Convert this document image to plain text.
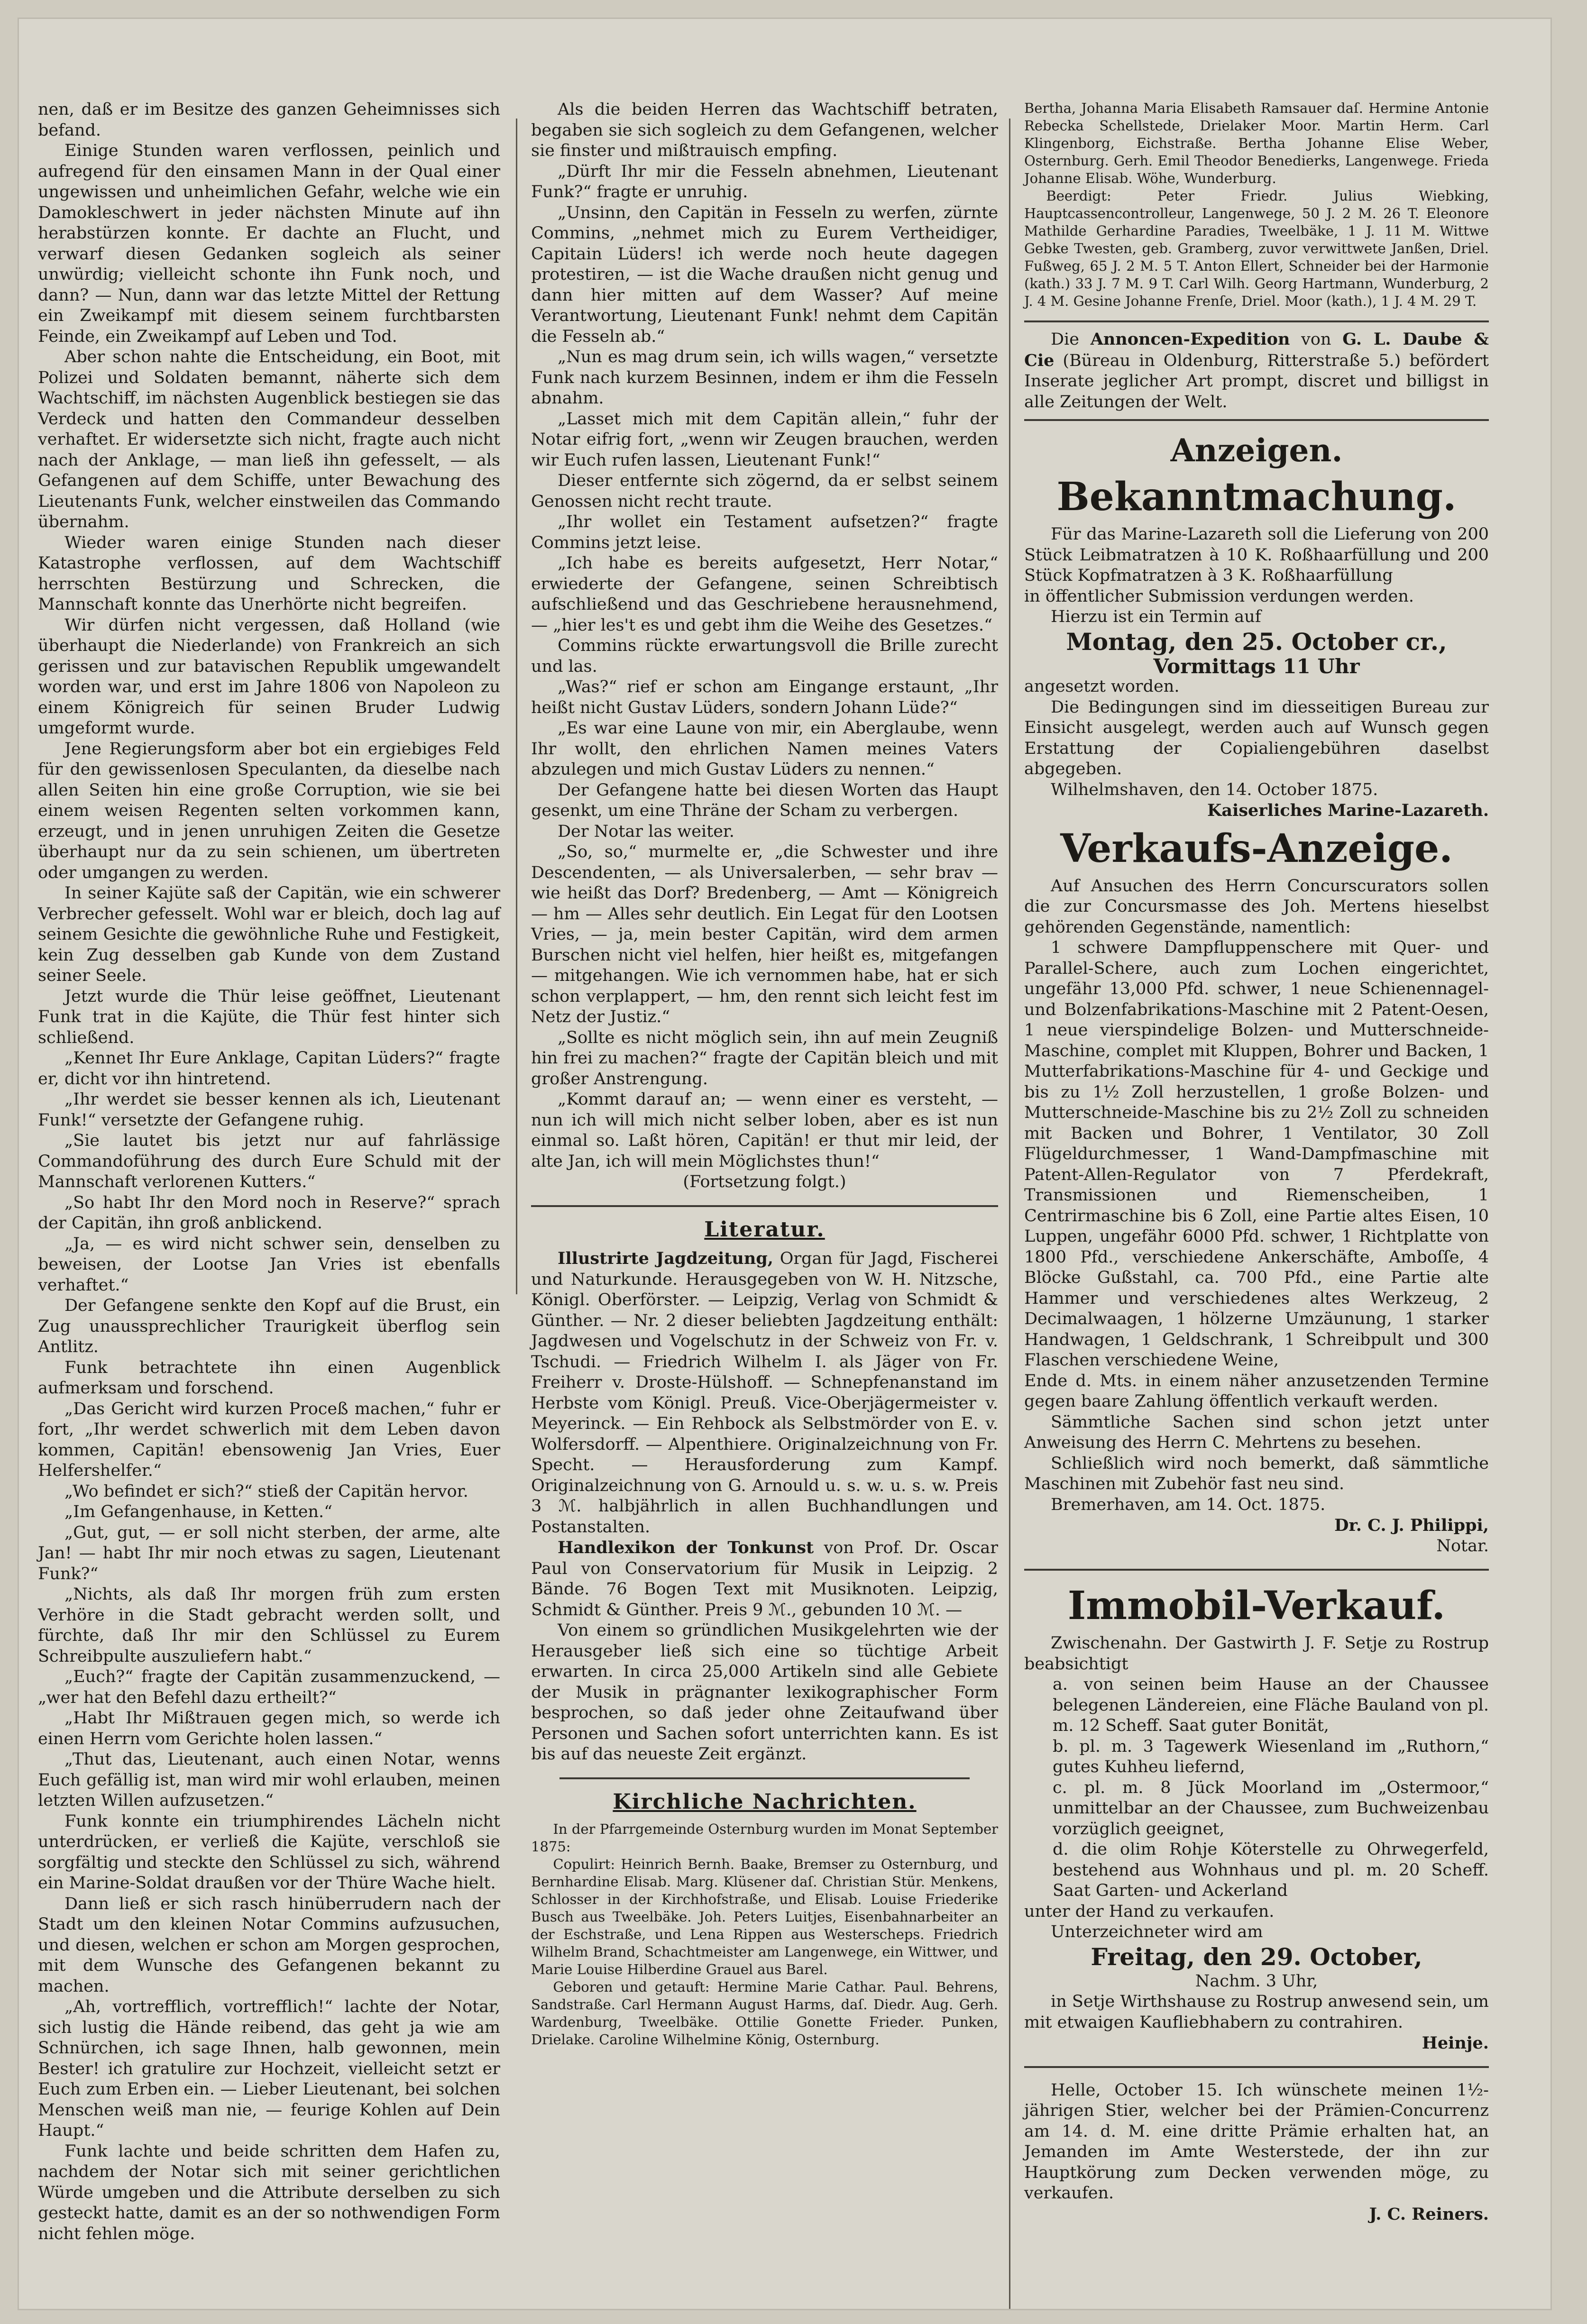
nen, daß er im Besitze des ganzen Geheimnisses sich befand.

Einige Stunden waren verflossen, peinlich und aufregend für den einsamen Mann in der Qual einer ungewissen und unheimlichen Gefahr, welche wie ein Damokleschwert in jeder nächsten Minute auf ihn herabstürzen konnte. Er dachte an Flucht, und verwarf diesen Gedanken sogleich als seiner unwürdig; vielleicht schonte ihn Funk noch, und dann? — Nun, dann war das letzte Mittel der Rettung ein Zweikampf mit diesem seinem furchtbarsten Feinde, ein Zweikampf auf Leben und Tod.

Aber schon nahte die Entscheidung, ein Boot, mit Polizei und Soldaten bemannt, näherte sich dem Wachtschiff, im nächsten Augenblick bestiegen sie das Verdeck und hatten den Commandeur desselben verhaftet. Er widersetzte sich nicht, fragte auch nicht nach der Anklage, — man ließ ihn gefesselt, — als Gefangenen auf dem Schiffe, unter Bewachung des Lieutenants Funk, welcher einstweilen das Commando übernahm.

Wieder waren einige Stunden nach dieser Katastrophe verflossen, auf dem Wachtschiff herrschten Bestürzung und Schrecken, die Mannschaft konnte das Unerhörte nicht begreifen.

Wir dürfen nicht vergessen, daß Holland (wie überhaupt die Niederlande) von Frankreich an sich gerissen und zur batavischen Republik umgewandelt worden war, und erst im Jahre 1806 von Napoleon zu einem Königreich für seinen Bruder Ludwig umgeformt wurde.

Jene Regierungsform aber bot ein ergiebiges Feld für den gewissenlosen Speculanten, da dieselbe nach allen Seiten hin eine große Corruption, wie sie bei einem weisen Regenten selten vorkommen kann, erzeugt, und in jenen unruhigen Zeiten die Gesetze überhaupt nur da zu sein schienen, um übertreten oder umgangen zu werden.

In seiner Kajüte saß der Capitän, wie ein schwerer Verbrecher gefesselt. Wohl war er bleich, doch lag auf seinem Gesichte die gewöhnliche Ruhe und Festigkeit, kein Zug desselben gab Kunde von dem Zustand seiner Seele.

Jetzt wurde die Thür leise geöffnet, Lieutenant Funk trat in die Kajüte, die Thür fest hinter sich schließend.

„Kennet Ihr Eure Anklage, Capitan Lüders?“ fragte er, dicht vor ihn hintretend.

„Ihr werdet sie besser kennen als ich, Lieutenant Funk!“ versetzte der Gefangene ruhig.

„Sie lautet bis jetzt nur auf fahrlässige Commandoführung des durch Eure Schuld mit der Mannschaft verlorenen Kutters.“

„So habt Ihr den Mord noch in Reserve?“ sprach der Capitän, ihn groß anblickend.

„Ja, — es wird nicht schwer sein, denselben zu beweisen, der Lootse Jan Vries ist ebenfalls verhaftet.“

Der Gefangene senkte den Kopf auf die Brust, ein Zug unaussprechlicher Traurigkeit überflog sein Antlitz.

Funk betrachtete ihn einen Augenblick aufmerksam und forschend.

„Das Gericht wird kurzen Proceß machen,“ fuhr er fort, „Ihr werdet schwerlich mit dem Leben davon kommen, Capitän! ebensowenig Jan Vries, Euer Helfershelfer.“

„Wo befindet er sich?“ stieß der Capitän hervor.

„Im Gefangenhause, in Ketten.“

„Gut, gut, — er soll nicht sterben, der arme, alte Jan! — habt Ihr mir noch etwas zu sagen, Lieutenant Funk?“

„Nichts, als daß Ihr morgen früh zum ersten Verhöre in die Stadt gebracht werden sollt, und fürchte, daß Ihr mir den Schlüssel zu Eurem Schreibpulte auszuliefern habt.“

„Euch?“ fragte der Capitän zusammenzuckend, — „wer hat den Befehl dazu ertheilt?“

„Habt Ihr Mißtrauen gegen mich, so werde ich einen Herrn vom Gerichte holen lassen.“

„Thut das, Lieutenant, auch einen Notar, wenns Euch gefällig ist, man wird mir wohl erlauben, meinen letzten Willen aufzusetzen.“

Funk konnte ein triumphirendes Lächeln nicht unterdrücken, er verließ die Kajüte, verschloß sie sorgfältig und steckte den Schlüssel zu sich, während ein Marine-Soldat draußen vor der Thüre Wache hielt.

Dann ließ er sich rasch hinüberrudern nach der Stadt um den kleinen Notar Commins aufzusuchen, und diesen, welchen er schon am Morgen gesprochen, mit dem Wunsche des Gefangenen bekannt zu machen.

„Ah, vortrefflich, vortrefflich!“ lachte der Notar, sich lustig die Hände reibend, das geht ja wie am Schnürchen, ich sage Ihnen, halb gewonnen, mein Bester! ich gratulire zur Hochzeit, vielleicht setzt er Euch zum Erben ein. — Lieber Lieutenant, bei solchen Menschen weiß man nie, — feurige Kohlen auf Dein Haupt.“

Funk lachte und beide schritten dem Hafen zu, nachdem der Notar sich mit seiner gerichtlichen Würde umgeben und die Attribute derselben zu sich gesteckt hatte, damit es an der so nothwendigen Form nicht fehlen möge.

Als die beiden Herren das Wachtschiff betraten, begaben sie sich sogleich zu dem Gefangenen, welcher sie finster und mißtrauisch empfing.

„Dürft Ihr mir die Fesseln abnehmen, Lieutenant Funk?“ fragte er unruhig.

„Unsinn, den Capitän in Fesseln zu werfen, zürnte Commins, „nehmet mich zu Eurem Vertheidiger, Capitain Lüders! ich werde noch heute dagegen protestiren, — ist die Wache draußen nicht genug und dann hier mitten auf dem Wasser? Auf meine Verantwortung, Lieutenant Funk! nehmt dem Capitän die Fesseln ab.“

„Nun es mag drum sein, ich wills wagen,“ versetzte Funk nach kurzem Besinnen, indem er ihm die Fesseln abnahm.

„Lasset mich mit dem Capitän allein,“ fuhr der Notar eifrig fort, „wenn wir Zeugen brauchen, werden wir Euch rufen lassen, Lieutenant Funk!“

Dieser entfernte sich zögernd, da er selbst seinem Genossen nicht recht traute.

„Ihr wollet ein Testament aufsetzen?“ fragte Commins jetzt leise.

„Ich habe es bereits aufgesetzt, Herr Notar,“ erwiederte der Gefangene, seinen Schreibtisch aufschließend und das Geschriebene herausnehmend, — „hier les't es und gebt ihm die Weihe des Gesetzes.“

Commins rückte erwartungsvoll die Brille zurecht und las.

„Was?“ rief er schon am Eingange erstaunt, „Ihr heißt nicht Gustav Lüders, sondern Johann Lüde?“

„Es war eine Laune von mir, ein Aberglaube, wenn Ihr wollt, den ehrlichen Namen meines Vaters abzulegen und mich Gustav Lüders zu nennen.“

Der Gefangene hatte bei diesen Worten das Haupt gesenkt, um eine Thräne der Scham zu verbergen.

Der Notar las weiter.

„So, so,“ murmelte er, „die Schwester und ihre Descendenten, — als Universalerben, — sehr brav — wie heißt das Dorf? Bredenberg, — Amt — Königreich — hm — Alles sehr deutlich. Ein Legat für den Lootsen Vries, — ja, mein bester Capitän, wird dem armen Burschen nicht viel helfen, hier heißt es, mitgefangen — mitgehangen. Wie ich vernommen habe, hat er sich schon verplappert, — hm, den rennt sich leicht fest im Netz der Justiz.“

„Sollte es nicht möglich sein, ihn auf mein Zeugniß hin frei zu machen?“ fragte der Capitän bleich und mit großer Anstrengung.

„Kommt darauf an; — wenn einer es versteht, — nun ich will mich nicht selber loben, aber es ist nun einmal so. Laßt hören, Capitän! er thut mir leid, der alte Jan, ich will mein Möglichstes thun!“

(Fortsetzung folgt.)

Literatur.

Illustrirte Jagdzeitung, Organ für Jagd, Fischerei und Naturkunde. Herausgegeben von W. H. Nitzsche, Königl. Oberförster. — Leipzig, Verlag von Schmidt & Günther. — Nr. 2 dieser beliebten Jagdzeitung enthält: Jagdwesen und Vogelschutz in der Schweiz von Fr. v. Tschudi. — Friedrich Wilhelm I. als Jäger von Fr. Freiherr v. Droste-Hülshoff. — Schnepfenanstand im Herbste vom Königl. Preuß. Vice-Oberjägermeister v. Meyerinck. — Ein Rehbock als Selbstmörder von E. v. Wolfersdorff. — Alpenthiere. Originalzeichnung von Fr. Specht. — Herausforderung zum Kampf. Originalzeichnung von G. Arnould u. s. w. u. s. w. Preis 3 ℳ. halbjährlich in allen Buchhandlungen und Postanstalten.

Handlexikon der Tonkunst von Prof. Dr. Oscar Paul von Conservatorium für Musik in Leipzig. 2 Bände. 76 Bogen Text mit Musiknoten. Leipzig, Schmidt & Günther. Preis 9 ℳ., gebunden 10 ℳ. —

Von einem so gründlichen Musikgelehrten wie der Herausgeber ließ sich eine so tüchtige Arbeit erwarten. In circa 25,000 Artikeln sind alle Gebiete der Musik in prägnanter lexikographischer Form besprochen, so daß jeder ohne Zeitaufwand über Personen und Sachen sofort unterrichten kann. Es ist bis auf das neueste Zeit ergänzt.

Kirchliche Nachrichten.

In der Pfarrgemeinde Osternburg wurden im Monat September 1875:

Copulirt: Heinrich Bernh. Baake, Bremser zu Osternburg, und Bernhardine Elisab. Marg. Klüsener daſ. Christian Stür. Menkens, Schlosser in der Kirchhofstraße, und Elisab. Louise Friederike Busch aus Tweelbäke. Joh. Peters Luitjes, Eisenbahnarbeiter an der Eschstraße, und Lena Rippen aus Westerscheps. Friedrich Wilhelm Brand, Schachtmeister am Langenwege, ein Wittwer, und Marie Louise Hilberdine Grauel aus Barel.

Geboren und getauft: Hermine Marie Cathar. Paul. Behrens, Sandstraße. Carl Hermann August Harms, daſ. Diedr. Aug. Gerh. Wardenburg, Tweelbäke. Ottilie Gonette Frieder. Punken, Drielake. Caroline Wilhelmine König, Osternburg.

Bertha, Johanna Maria Elisabeth Ramsauer daſ. Hermine Antonie Rebecka Schellstede, Drielaker Moor. Martin Herm. Carl Klingenborg, Eichstraße. Bertha Johanne Elise Weber, Osternburg. Gerh. Emil Theodor Benedierks, Langenwege. Frieda Johanne Elisab. Wöhe, Wunderburg.

Beerdigt: Peter Friedr. Julius Wiebking, Hauptcassencontrolleur, Langenwege, 50 J. 2 M. 26 T. Eleonore Mathilde Gerhardine Paradies, Tweelbäke, 1 J. 11 M. Wittwe Gebke Twesten, geb. Gramberg, zuvor verwittwete Janßen, Driel. Fußweg, 65 J. 2 M. 5 T. Anton Ellert, Schneider bei der Harmonie (kath.) 33 J. 7 M. 9 T. Carl Wilh. Georg Hartmann, Wunderburg, 2 J. 4 M. Gesine Johanne Frenſe, Driel. Moor (kath.), 1 J. 4 M. 29 T.

Die Annoncen-Expedition von G. L. Daube & Cie (Büreau in Oldenburg, Ritterstraße 5.) befördert Inserate jeglicher Art prompt, discret und billigst in alle Zeitungen der Welt.

Anzeigen.
Bekanntmachung.

Für das Marine-Lazareth soll die Lieferung von 200 Stück Leibmatratzen à 10 K. Roßhaarfüllung und 200 Stück Kopfmatratzen à 3 K. Roßhaarfüllung

in öffentlicher Submission verdungen werden.

Hierzu ist ein Termin auf

Montag, den 25. October cr.,
Vormittags 11 Uhr

angesetzt worden.

Die Bedingungen sind im diesseitigen Bureau zur Einsicht ausgelegt, werden auch auf Wunsch gegen Erstattung der Copialiengebühren daselbst abgegeben.

Wilhelmshaven, den 14. October 1875.

Kaiserliches Marine-Lazareth.

Verkaufs-Anzeige.

Auf Ansuchen des Herrn Concurscurators sollen die zur Concursmasse des Joh. Mertens hieselbst gehörenden Gegenstände, namentlich:

1 schwere Dampfluppenschere mit Quer- und Parallel-Schere, auch zum Lochen eingerichtet, ungefähr 13,000 Pfd. schwer, 1 neue Schienennagel- und Bolzenfabrikations-Maschine mit 2 Patent-Oesen, 1 neue vierspindelige Bolzen- und Mutterschneide-Maschine, complet mit Kluppen, Bohrer und Backen, 1 Mutterfabrikations-Maschine für 4- und Geckige und bis zu 1½ Zoll herzustellen, 1 große Bolzen- und Mutterschneide-Maschine bis zu 2½ Zoll zu schneiden mit Backen und Bohrer, 1 Ventilator, 30 Zoll Flügeldurchmesser, 1 Wand-Dampfmaschine mit Patent-Allen-Regulator von 7 Pferdekraft, Transmissionen und Riemenscheiben, 1 Centrirmaschine bis 6 Zoll, eine Partie altes Eisen, 10 Luppen, ungefähr 6000 Pfd. schwer, 1 Richtplatte von 1800 Pfd., verschiedene Ankerschäfte, Amboſſe, 4 Blöcke Gußstahl, ca. 700 Pfd., eine Partie alte Hammer und verschiedenes altes Werkzeug, 2 Decimalwaagen, 1 hölzerne Umzäunung, 1 starker Handwagen, 1 Geldschrank, 1 Schreibpult und 300 Flaschen verschiedene Weine,

Ende d. Mts. in einem näher anzusetzenden Termine gegen baare Zahlung öffentlich verkauft werden.

Sämmtliche Sachen sind schon jetzt unter Anweisung des Herrn C. Mehrtens zu besehen.

Schließlich wird noch bemerkt, daß sämmtliche Maschinen mit Zubehör fast neu sind.

Bremerhaven, am 14. Oct. 1875.

Dr. C. J. Philippi,

Notar.

Immobil-Verkauf.

Zwischenahn. Der Gastwirth J. F. Setje zu Rostrup beabsichtigt

a. von seinen beim Hause an der Chaussee belegenen Ländereien, eine Fläche Bauland von pl. m. 12 Scheff. Saat guter Bonität,

b. pl. m. 3 Tagewerk Wiesenland im „Ruthorn,“ gutes Kuhheu liefernd,

c. pl. m. 8 Jück Moorland im „Ostermoor,“ unmittelbar an der Chaussee, zum Buchweizenbau vorzüglich geeignet,

d. die olim Rohje Köterstelle zu Ohrwegerfeld, bestehend aus Wohnhaus und pl. m. 20 Scheff. Saat Garten- und Ackerland

unter der Hand zu verkaufen.

Unterzeichneter wird am

Freitag, den 29. October,
Nachm. 3 Uhr,

in Setje Wirthshause zu Rostrup anwesend sein, um mit etwaigen Kaufliebhabern zu contrahiren.

Heinje.

Helle, October 15. Ich wünschete meinen 1½-jährigen Stier, welcher bei der Prämien-Concurrenz am 14. d. M. eine dritte Prämie erhalten hat, an Jemanden im Amte Westerstede, der ihn zur Hauptkörung zum Decken verwenden möge, zu verkaufen.

J. C. Reiners.
